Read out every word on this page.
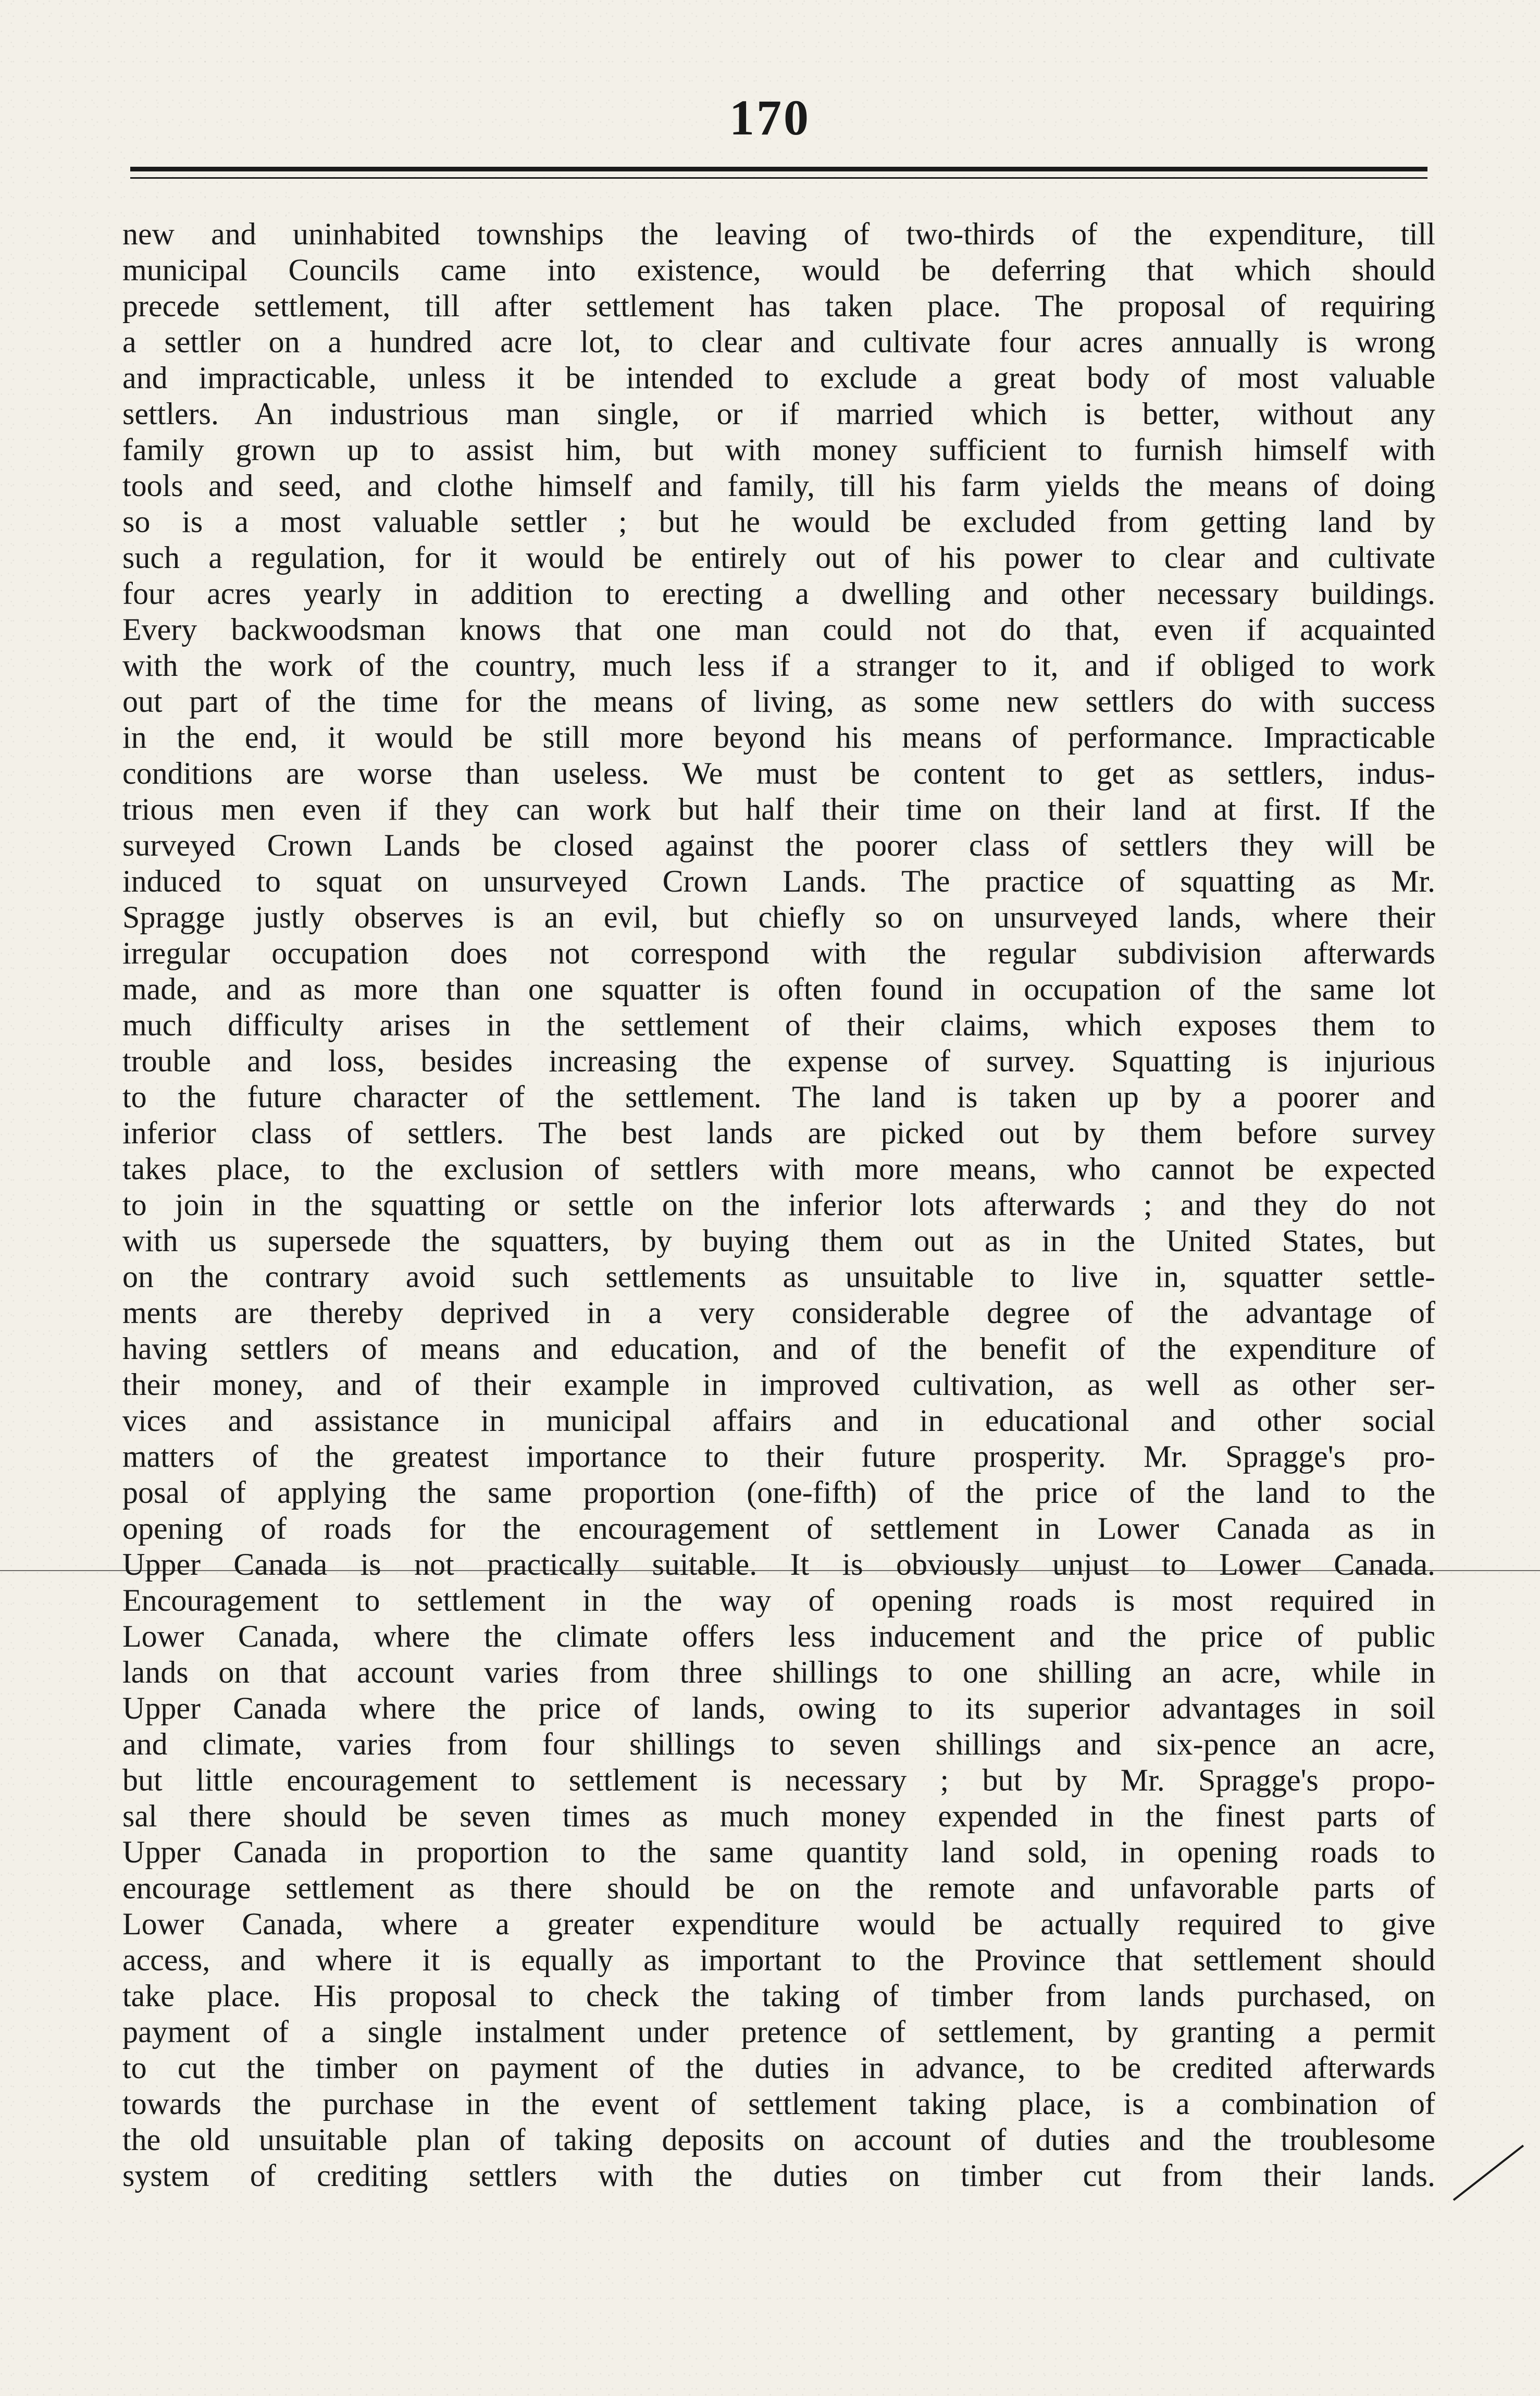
170
new and uninhabited townships the leaving of two-thirds of the expenditure, till
municipal Councils came into existence, would be deferring that which should
precede settlement, till after settlement has taken place. The proposal of requiring
a settler on a hundred acre lot, to clear and cultivate four acres annually is wrong
and impracticable, unless it be intended to exclude a great body of most valuable
settlers. An industrious man single, or if married which is better, without any
family grown up to assist him, but with money sufficient to furnish himself with
tools and seed, and clothe himself and family, till his farm yields the means of doing
so is a most valuable settler ; but he would be excluded from getting land by
such a regulation, for it would be entirely out of his power to clear and cultivate
four acres yearly in addition to erecting a dwelling and other necessary buildings.
Every backwoodsman knows that one man could not do that, even if acquainted
with the work of the country, much less if a stranger to it, and if obliged to work
out part of the time for the means of living, as some new settlers do with success
in the end, it would be still more beyond his means of performance. Impracticable
conditions are worse than useless. We must be content to get as settlers, indus-
trious men even if they can work but half their time on their land at first. If the
surveyed Crown Lands be closed against the poorer class of settlers they will be
induced to squat on unsurveyed Crown Lands. The practice of squatting as Mr.
Spragge justly observes is an evil, but chiefly so on unsurveyed lands, where their
irregular occupation does not correspond with the regular subdivision afterwards
made, and as more than one squatter is often found in occupation of the same lot
much difficulty arises in the settlement of their claims, which exposes them to
trouble and loss, besides increasing the expense of survey. Squatting is injurious
to the future character of the settlement. The land is taken up by a poorer and
inferior class of settlers. The best lands are picked out by them before survey
takes place, to the exclusion of settlers with more means, who cannot be expected
to join in the squatting or settle on the inferior lots afterwards ; and they do not
with us supersede the squatters, by buying them out as in the United States, but
on the contrary avoid such settlements as unsuitable to live in, squatter settle-
ments are thereby deprived in a very considerable degree of the advantage of
having settlers of means and education, and of the benefit of the expenditure of
their money, and of their example in improved cultivation, as well as other ser-
vices and assistance in municipal affairs and in educational and other social
matters of the greatest importance to their future prosperity. Mr. Spragge's pro-
posal of applying the same proportion (one-fifth) of the price of the land to the
opening of roads for the encouragement of settlement in Lower Canada as in
Upper Canada is not practically suitable. It is obviously unjust to Lower Canada.
Encouragement to settlement in the way of opening roads is most required in
Lower Canada, where the climate offers less inducement and the price of public
lands on that account varies from three shillings to one shilling an acre, while in
Upper Canada where the price of lands, owing to its superior advantages in soil
and climate, varies from four shillings to seven shillings and six-pence an acre,
but little encouragement to settlement is necessary ; but by Mr. Spragge's propo-
sal there should be seven times as much money expended in the finest parts of
Upper Canada in proportion to the same quantity land sold, in opening roads to
encourage settlement as there should be on the remote and unfavorable parts of
Lower Canada, where a greater expenditure would be actually required to give
access, and where it is equally as important to the Province that settlement should
take place. His proposal to check the taking of timber from lands purchased, on
payment of a single instalment under pretence of settlement, by granting a permit
to cut the timber on payment of the duties in advance, to be credited afterwards
towards the purchase in the event of settlement taking place, is a combination of
the old unsuitable plan of taking deposits on account of duties and the troublesome
system of crediting settlers with the duties on timber cut from their lands.
